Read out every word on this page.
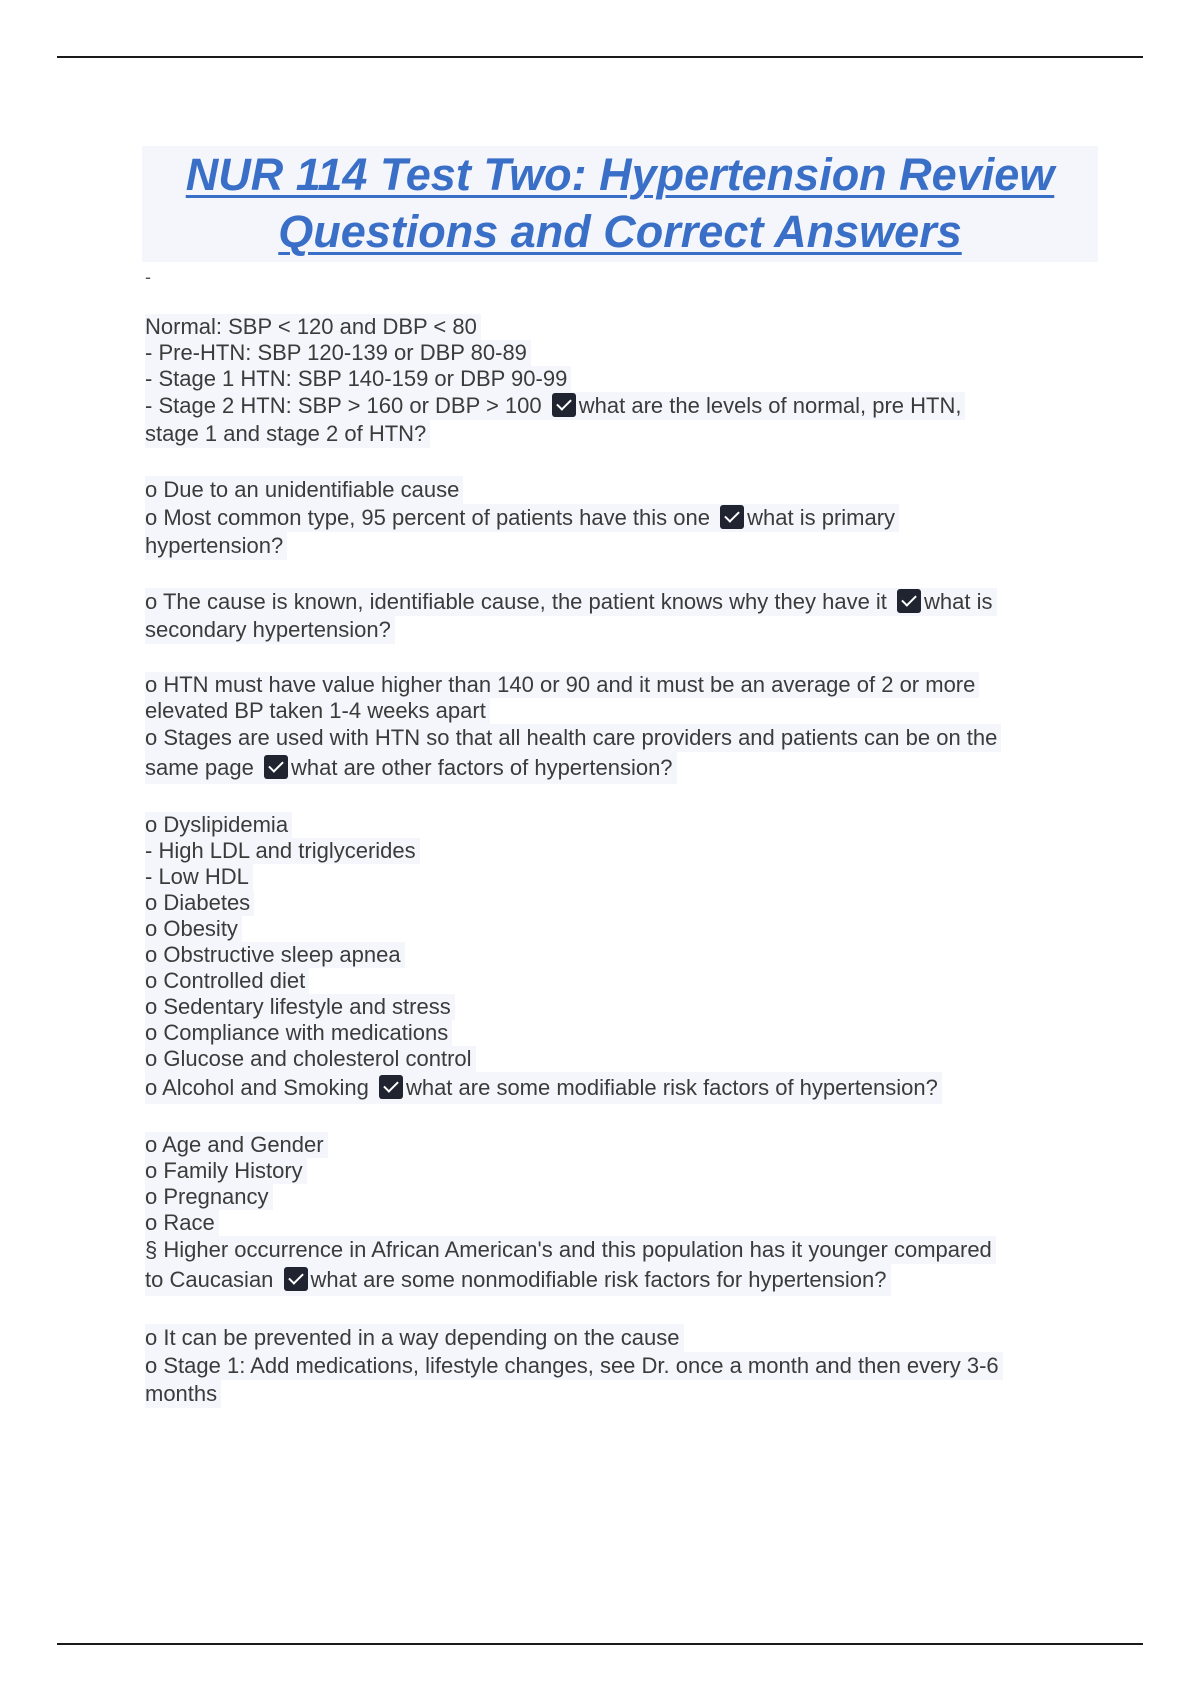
NUR 114 Test Two: Hypertension Review
Questions and Correct Answers
-
Normal: SBP < 120 and DBP < 80
- Pre-HTN: SBP 120-139 or DBP 80-89
- Stage 1 HTN: SBP 140-159 or DBP 90-99
- Stage 2 HTN: SBP > 160 or DBP > 100 what are the levels of normal, pre HTN,
stage 1 and stage 2 of HTN?
o Due to an unidentifiable cause
o Most common type, 95 percent of patients have this one what is primary
hypertension?
o The cause is known, identifiable cause, the patient knows why they have it what is
secondary hypertension?
o HTN must have value higher than 140 or 90 and it must be an average of 2 or more
elevated BP taken 1-4 weeks apart
o Stages are used with HTN so that all health care providers and patients can be on the
same page what are other factors of hypertension?
o Dyslipidemia
- High LDL and triglycerides
- Low HDL
o Diabetes
o Obesity
o Obstructive sleep apnea
o Controlled diet
o Sedentary lifestyle and stress
o Compliance with medications
o Glucose and cholesterol control
o Alcohol and Smoking what are some modifiable risk factors of hypertension?
o Age and Gender
o Family History
o Pregnancy
o Race
§ Higher occurrence in African American's and this population has it younger compared
to Caucasian what are some nonmodifiable risk factors for hypertension?
o It can be prevented in a way depending on the cause
o Stage 1: Add medications, lifestyle changes, see Dr. once a month and then every 3-6
months
